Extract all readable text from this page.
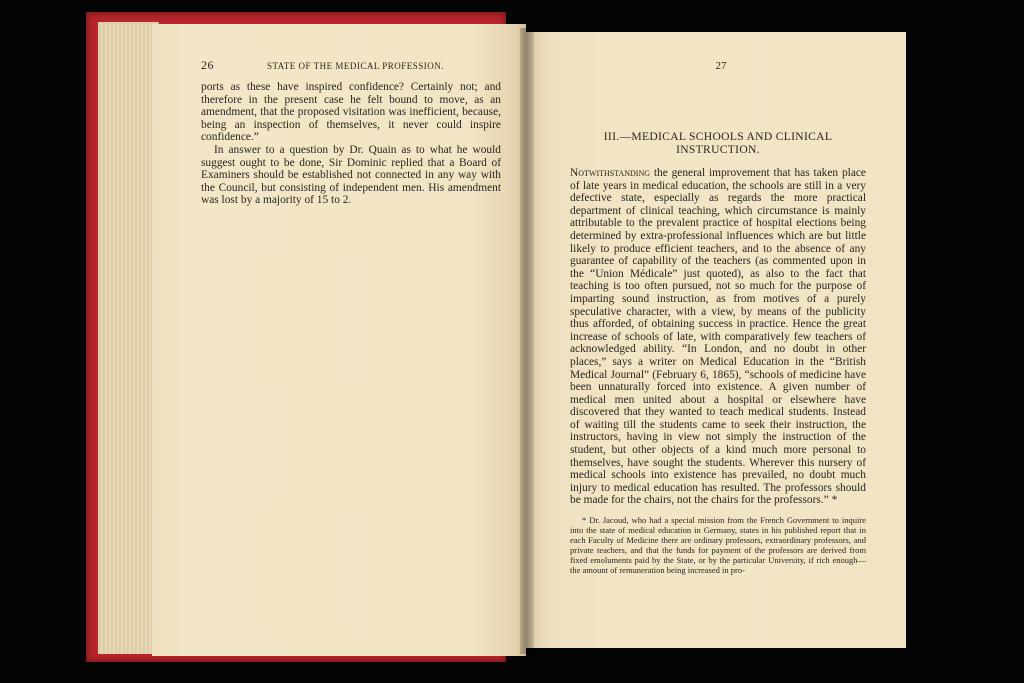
26	STATE OF THE MEDICAL PROFESSION.

ports as these have inspired confidence? Certainly not; and therefore in the present case he felt bound to move, as an amendment, that the proposed visitation was inefficient, because, being an inspection of themselves, it never could inspire confidence.”

In answer to a question by Dr. Quain as to what he would suggest ought to be done, Sir Dominic replied that a Board of Examiners should be established not connected in any way with the Council, but consisting of independent men. His amendment was lost by a majority of 15 to 2.

27
III.—MEDICAL SCHOOLS AND CLINICAL INSTRUCTION.

Notwithstanding the general improvement that has taken place of late years in medical education, the schools are still in a very defective state, especially as regards the more practical department of clinical teaching, which circumstance is mainly attributable to the prevalent practice of hospital elections being determined by extra-professional influences which are but little likely to produce efficient teachers, and to the absence of any guarantee of capability of the teachers (as commented upon in the “Union Médicale” just quoted), as also to the fact that teaching is too often pursued, not so much for the purpose of imparting sound instruction, as from motives of a purely speculative character, with a view, by means of the publicity thus afforded, of obtaining success in practice. Hence the great increase of schools of late, with comparatively few teachers of acknowledged ability. “In London, and no doubt in other places,” says a writer on Medical Education in the “British Medical Journal” (February 6, 1865), “schools of medicine have been unnaturally forced into existence. A given number of medical men united about a hospital or elsewhere have discovered that they wanted to teach medical students. Instead of waiting till the students came to seek their instruction, the instructors, having in view not simply the instruction of the student, but other objects of a kind much more personal to themselves, have sought the students. Wherever this nursery of medical schools into existence has prevailed, no doubt much injury to medical education has resulted. The professors should be made for the chairs, not the chairs for the professors.” *

* Dr. Jacoud, who had a special mission from the French Government to inquire into the state of medical education in Germany, states in his published report that in each Faculty of Medicine there are ordinary professors, extraordinary professors, and private teachers, and that the funds for payment of the professors are derived from fixed emoluments paid by the State, or by the particular University, if rich enough—the amount of remuneration being increased in pro-
